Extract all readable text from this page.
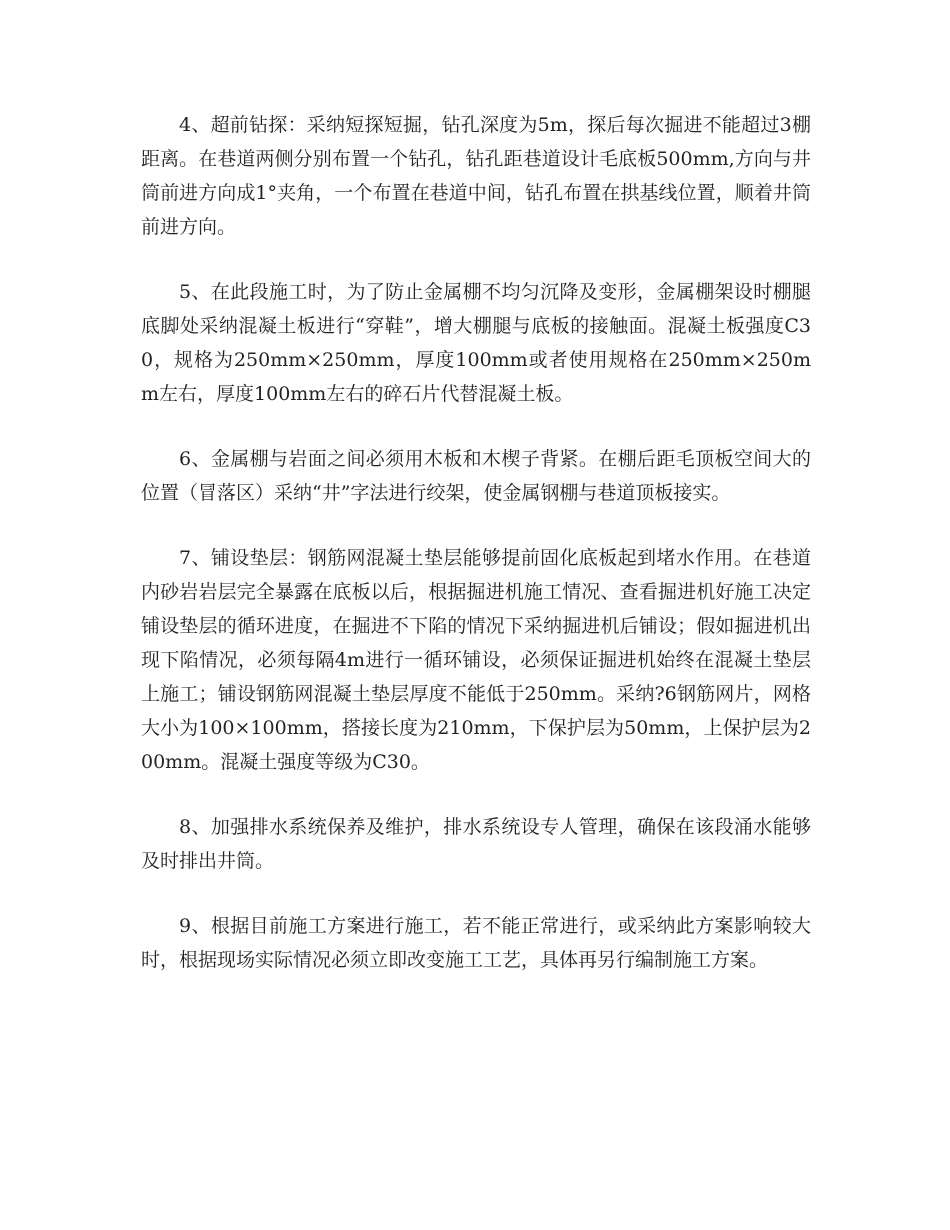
4、超前钻探：采纳短探短掘，钻孔深度为5m，探后每次掘进不能超过3棚距离。在巷道两侧分别布置一个钻孔，钻孔距巷道设计毛底板500mm,方向与井筒前进方向成1°夹角，一个布置在巷道中间，钻孔布置在拱基线位置，顺着井筒前进方向。

5、在此段施工时，为了防止金属棚不均匀沉降及变形，金属棚架设时棚腿底脚处采纳混凝土板进行“穿鞋”，增大棚腿与底板的接触面。混凝土板强度C30，规格为250mm×250mm，厚度100mm或者使用规格在250mm×250mm左右，厚度100mm左右的碎石片代替混凝土板。

6、金属棚与岩面之间必须用木板和木楔子背紧。在棚后距毛顶板空间大的位置（冒落区）采纳“井”字法进行绞架，使金属钢棚与巷道顶板接实。

7、铺设垫层：钢筋网混凝土垫层能够提前固化底板起到堵水作用。在巷道内砂岩岩层完全暴露在底板以后，根据掘进机施工情况、查看掘进机好施工决定铺设垫层的循环进度，在掘进不下陷的情况下采纳掘进机后铺设；假如掘进机出现下陷情况，必须每隔4m进行一循环铺设，必须保证掘进机始终在混凝土垫层上施工；铺设钢筋网混凝土垫层厚度不能低于250mm。采纳?6钢筋网片，网格大小为100×100mm，搭接长度为210mm，下保护层为50mm，上保护层为200mm。混凝土强度等级为C30。

8、加强排水系统保养及维护，排水系统设专人管理，确保在该段涌水能够及时排出井筒。

9、根据目前施工方案进行施工，若不能正常进行，或采纳此方案影响较大时，根据现场实际情况必须立即改变施工工艺，具体再另行编制施工方案。
